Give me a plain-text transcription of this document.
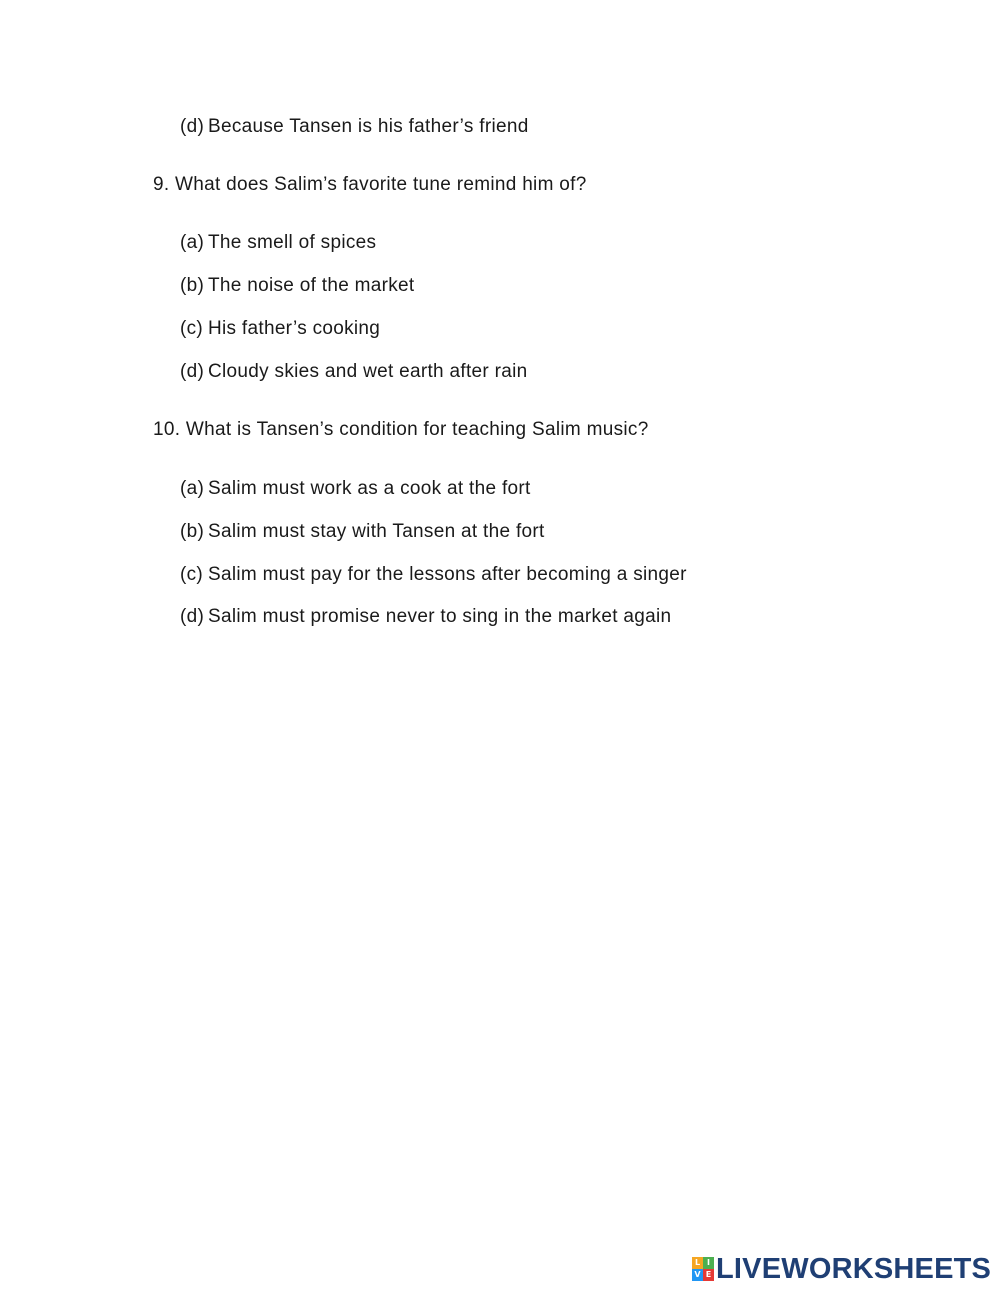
(d) Because Tansen is his father’s friend
9. What does Salim’s favorite tune remind him of?
(a) The smell of spices
(b) The noise of the market
(c) His father’s cooking
(d) Cloudy skies and wet earth after rain
10. What is Tansen’s condition for teaching Salim music?
(a) Salim must work as a cook at the fort
(b) Salim must stay with Tansen at the fort
(c) Salim must pay for the lessons after becoming a singer
(d) Salim must promise never to sing in the market again
L I
V E LIVEWORKSHEETS
